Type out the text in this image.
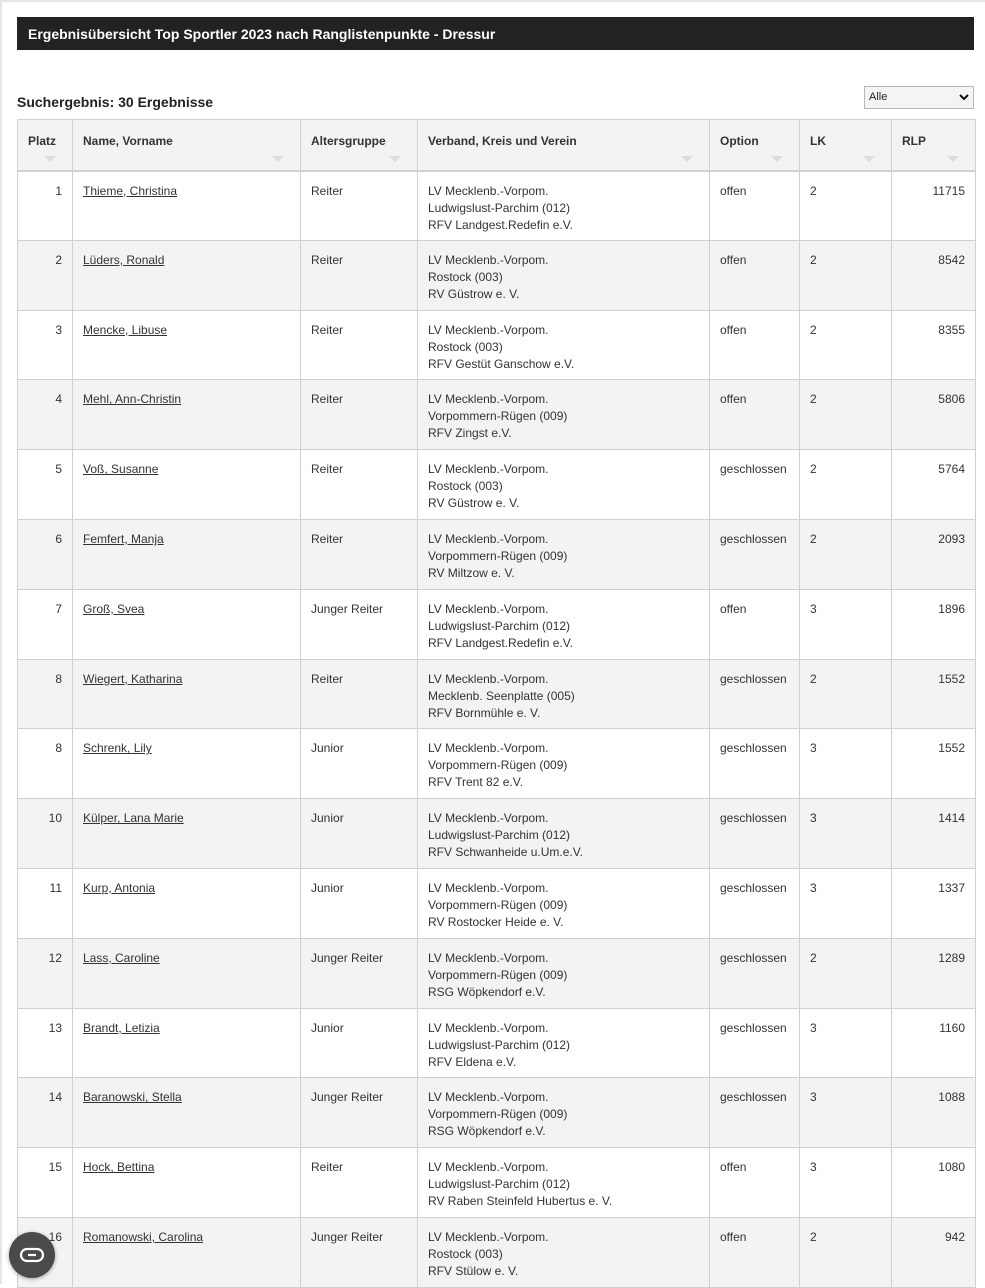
Ergebnisübersicht Top Sportler 2023 nach Ranglistenpunkte - Dressur
Suchergebnis: 30 Ergebnisse	Alle
Platz	Name, Vorname	Altersgruppe	Verband, Kreis und Verein	Option	LK	RLP

1	Thieme, Christina	Reiter	LV Mecklenb.-Vorpom.
Ludwigslust-Parchim (012)
RFV Landgest.Redefin e.V.	offen	2	11715
2	Lüders, Ronald	Reiter	LV Mecklenb.-Vorpom.
Rostock (003)
RV Güstrow e. V.	offen	2	8542
3	Mencke, Libuse	Reiter	LV Mecklenb.-Vorpom.
Rostock (003)
RFV Gestüt Ganschow e.V.	offen	2	8355
4	Mehl, Ann-Christin	Reiter	LV Mecklenb.-Vorpom.
Vorpommern-Rügen (009)
RFV Zingst e.V.	offen	2	5806
5	Voß, Susanne	Reiter	LV Mecklenb.-Vorpom.
Rostock (003)
RV Güstrow e. V.	geschlossen	2	5764
6	Femfert, Manja	Reiter	LV Mecklenb.-Vorpom.
Vorpommern-Rügen (009)
RV Miltzow e. V.	geschlossen	2	2093
7	Groß, Svea	Junger Reiter	LV Mecklenb.-Vorpom.
Ludwigslust-Parchim (012)
RFV Landgest.Redefin e.V.	offen	3	1896
8	Wiegert, Katharina	Reiter	LV Mecklenb.-Vorpom.
Mecklenb. Seenplatte (005)
RFV Bornmühle e. V.	geschlossen	2	1552
8	Schrenk, Lily	Junior	LV Mecklenb.-Vorpom.
Vorpommern-Rügen (009)
RFV Trent 82 e.V.	geschlossen	3	1552
10	Külper, Lana Marie	Junior	LV Mecklenb.-Vorpom.
Ludwigslust-Parchim (012)
RFV Schwanheide u.Um.e.V.	geschlossen	3	1414
11	Kurp, Antonia	Junior	LV Mecklenb.-Vorpom.
Vorpommern-Rügen (009)
RV Rostocker Heide e. V.	geschlossen	3	1337
12	Lass, Caroline	Junger Reiter	LV Mecklenb.-Vorpom.
Vorpommern-Rügen (009)
RSG Wöpkendorf e.V.	geschlossen	2	1289
13	Brandt, Letizia	Junior	LV Mecklenb.-Vorpom.
Ludwigslust-Parchim (012)
RFV Eldena e.V.	geschlossen	3	1160
14	Baranowski, Stella	Junger Reiter	LV Mecklenb.-Vorpom.
Vorpommern-Rügen (009)
RSG Wöpkendorf e.V.	geschlossen	3	1088
15	Hock, Bettina	Reiter	LV Mecklenb.-Vorpom.
Ludwigslust-Parchim (012)
RV Raben Steinfeld Hubertus e. V.	offen	3	1080
16	Romanowski, Carolina	Junger Reiter	LV Mecklenb.-Vorpom.
Rostock (003)
RFV Stülow e. V.	offen	2	942
